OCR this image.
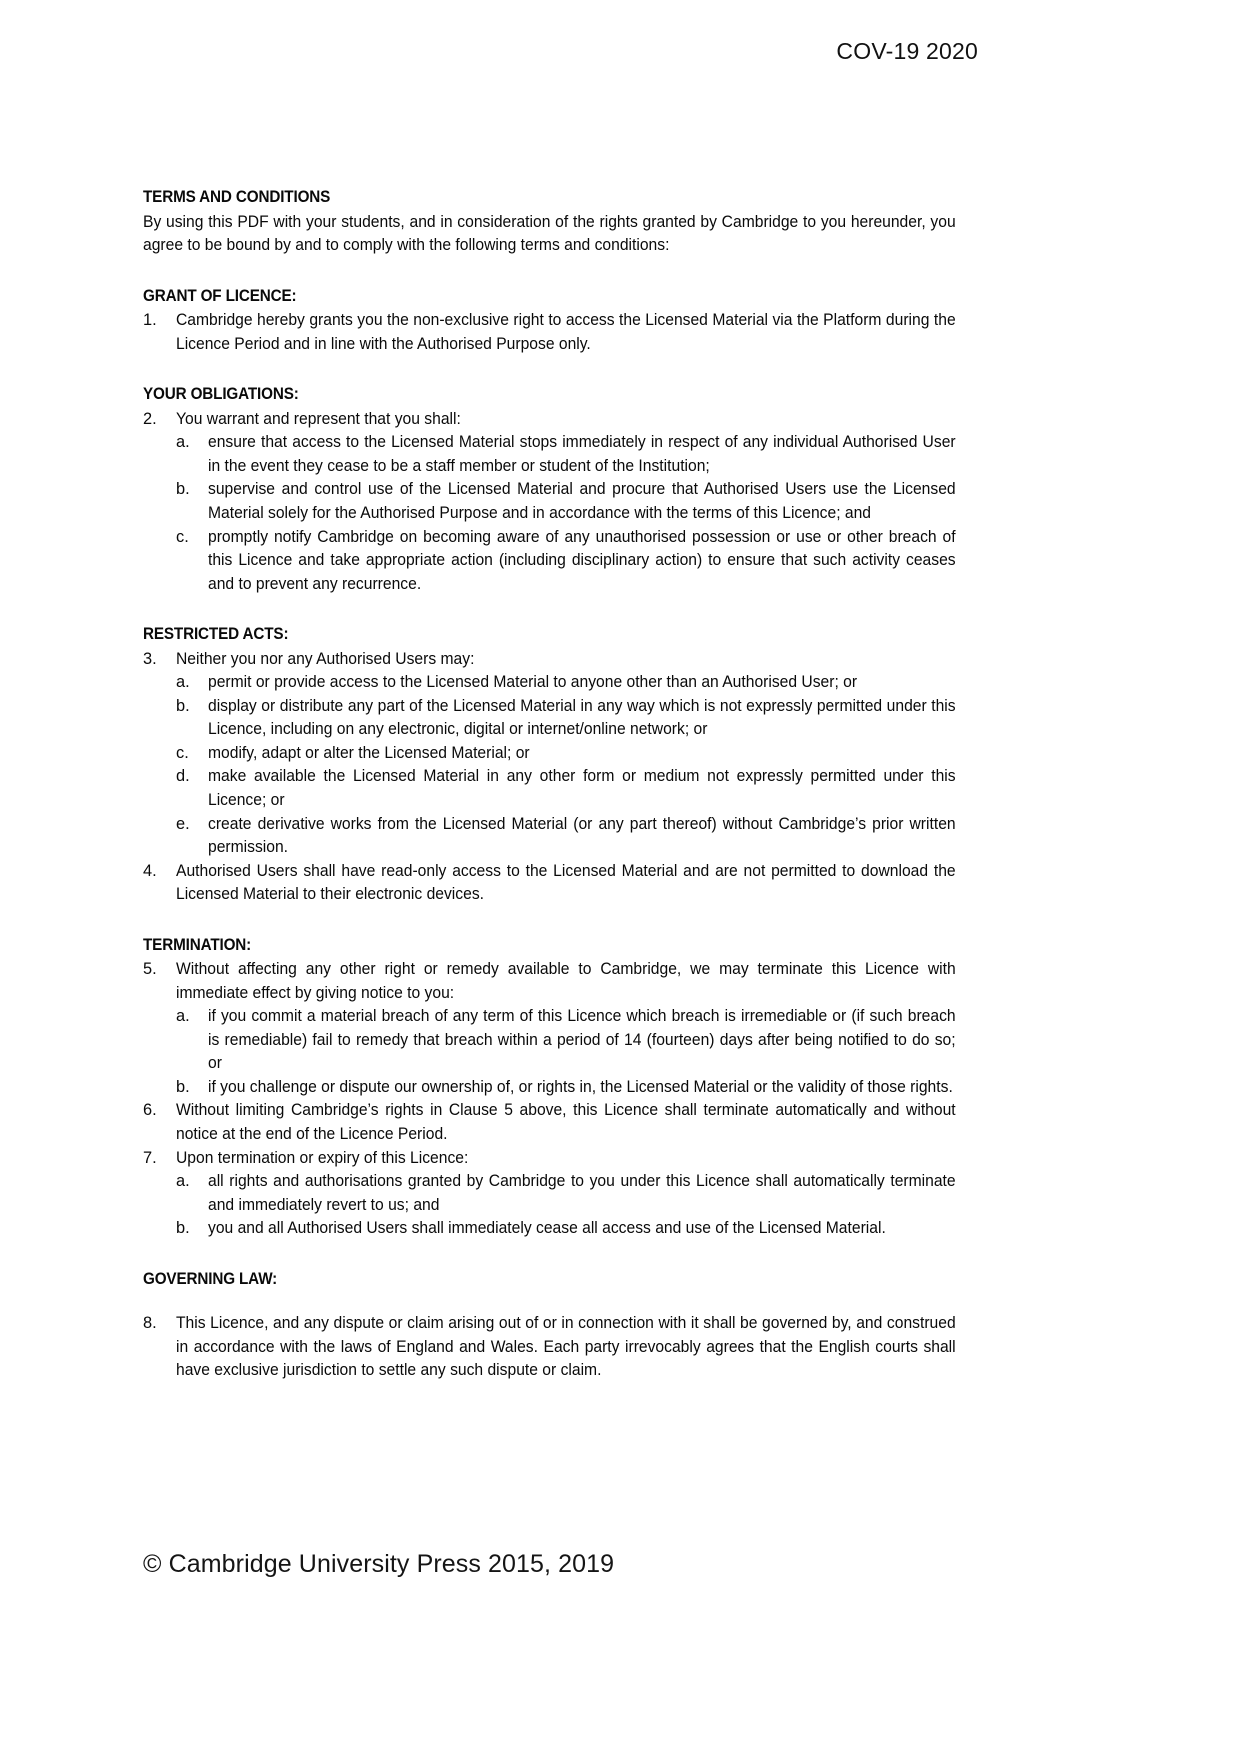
COV-19 2020
TERMS AND CONDITIONS

By using this PDF with your students, and in consideration of the rights granted by Cambridge to you hereunder, you agree to be bound by and to comply with the following terms and conditions:

GRANT OF LICENCE:
1.	Cambridge hereby grants you the non-exclusive right to access the Licensed Material via the Platform during the Licence Period and in line with the Authorised Purpose only.
YOUR OBLIGATIONS:
2.	You warrant and represent that you shall:
a.	ensure that access to the Licensed Material stops immediately in respect of any individual Authorised User in the event they cease to be a staff member or student of the Institution;
b.	supervise and control use of the Licensed Material and procure that Authorised Users use the Licensed Material solely for the Authorised Purpose and in accordance with the terms of this Licence; and
c.	promptly notify Cambridge on becoming aware of any unauthorised possession or use or other breach of this Licence and take appropriate action (including disciplinary action) to ensure that such activity ceases and to prevent any recurrence.
RESTRICTED ACTS:
3.	Neither you nor any Authorised Users may:
a.	permit or provide access to the Licensed Material to anyone other than an Authorised User; or
b.	display or distribute any part of the Licensed Material in any way which is not expressly permitted under this Licence, including on any electronic, digital or internet/online network; or
c.	modify, adapt or alter the Licensed Material; or
d.	make available the Licensed Material in any other form or medium not expressly permitted under this Licence; or
e.	create derivative works from the Licensed Material (or any part thereof) without Cambridge’s prior written permission.
4.	Authorised Users shall have read-only access to the Licensed Material and are not permitted to download the Licensed Material to their electronic devices.
TERMINATION:
5.	Without affecting any other right or remedy available to Cambridge, we may terminate this Licence with immediate effect by giving notice to you:
a.	if you commit a material breach of any term of this Licence which breach is irremediable or (if such breach is remediable) fail to remedy that breach within a period of 14 (fourteen) days after being notified to do so; or
b.	if you challenge or dispute our ownership of, or rights in, the Licensed Material or the validity of those rights.
6.	Without limiting Cambridge’s rights in Clause 5 above, this Licence shall terminate automatically and without notice at the end of the Licence Period.
7.	Upon termination or expiry of this Licence:
a.	all rights and authorisations granted by Cambridge to you under this Licence shall automatically terminate and immediately revert to us; and
b.	you and all Authorised Users shall immediately cease all access and use of the Licensed Material.
GOVERNING LAW:
8.	This Licence, and any dispute or claim arising out of or in connection with it shall be governed by, and construed in accordance with the laws of England and Wales. Each party irrevocably agrees that the English courts shall have exclusive jurisdiction to settle any such dispute or claim.
© Cambridge University Press 2015, 2019
